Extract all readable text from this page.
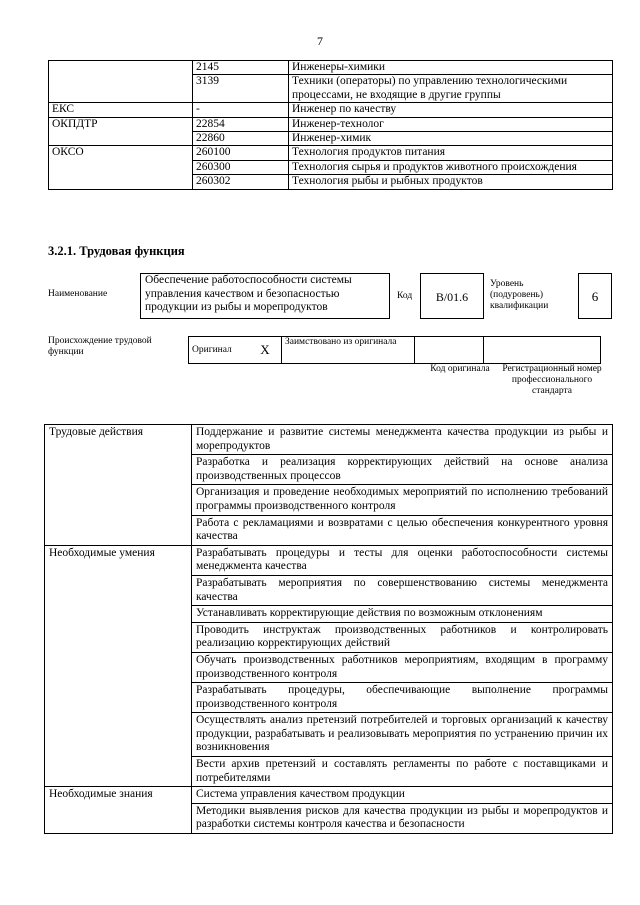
7
	2145	Инженеры-химики
	3139	Техники (операторы) по управлению технологическими процессами, не входящие в другие группы
ЕКС	-	Инженер по качеству
ОКПДТР	22854	Инженер-технолог
	22860	Инженер-химик
ОКСО	260100	Технология продуктов питания
	260300	Технология сырья и продуктов животного происхождения
	260302	Технология рыбы и рыбных продуктов
3.2.1. Трудовая функция
Наименование
Обеспечение работоспособности системы управления качеством и безопасностью продукции из рыбы и морепродуктов
Код	B/01.6
Уровень (подуровень) квалификации
6
Происхождение трудовой функции	Оригинал	X	Заимствовано из оригинала		
Код оригинала	Регистрационный номер профессионального стандарта
Трудовые действия	Поддержание и развитие системы менеджмента качества продукции из рыбы и морепродуктов
	Разработка и реализация корректирующих действий на основе анализа производственных процессов
	Организация и проведение необходимых мероприятий по исполнению требований программы производственного контроля
	Работа с рекламациями и возвратами с целью обеспечения конкурентного уровня качества
Необходимые умения	Разрабатывать процедуры и тесты для оценки работоспособности системы менеджмента качества
	Разрабатывать мероприятия по совершенствованию системы менеджмента качества
	Устанавливать корректирующие действия по возможным отклонениям
	Проводить инструктаж производственных работников и контролировать реализацию корректирующих действий
	Обучать производственных работников мероприятиям, входящим в программу производственного контроля
	Разрабатывать процедуры, обеспечивающие выполнение программы производственного контроля
	Осуществлять анализ претензий потребителей и торговых организаций к качеству продукции, разрабатывать и реализовывать мероприятия по устранению причин их возникновения
	Вести архив претензий и составлять регламенты по работе с поставщиками и потребителями
Необходимые знания	Система управления качеством продукции
	Методики выявления рисков для качества продукции из рыбы и морепродуктов и разработки системы контроля качества и безопасности
